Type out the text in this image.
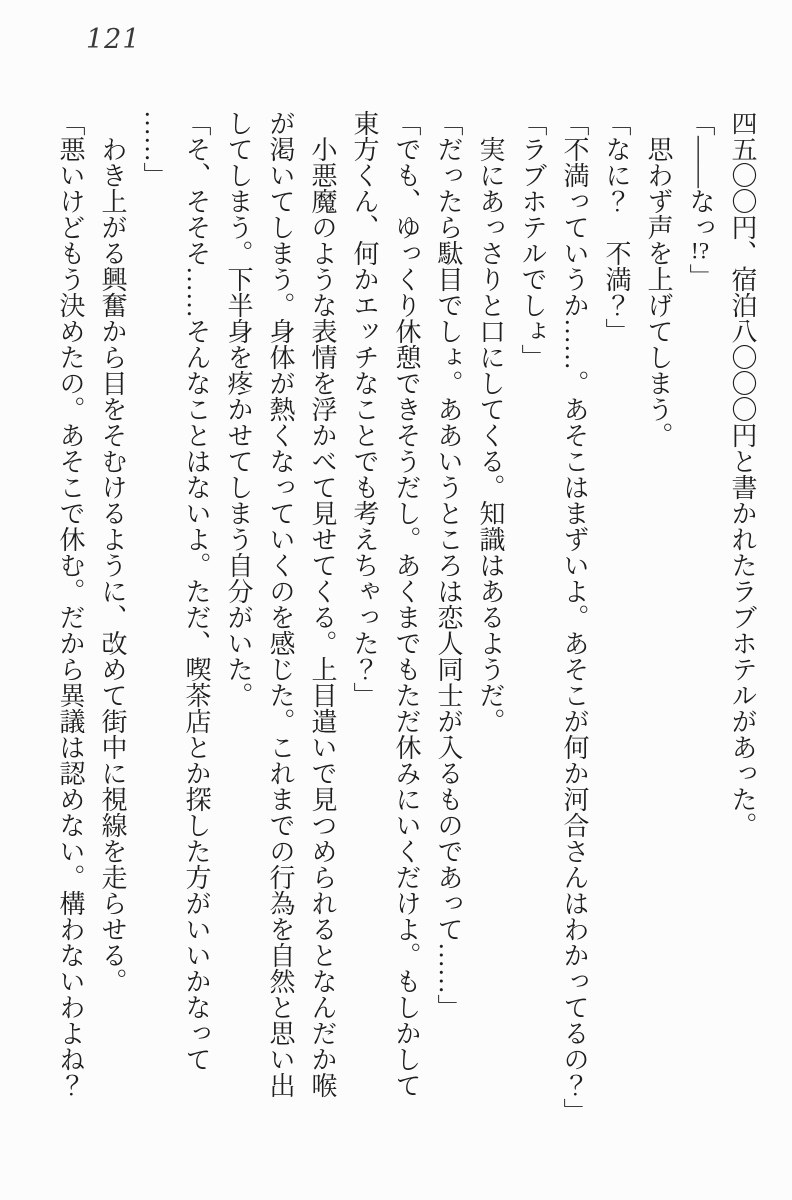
121
四五〇〇円、宿泊八〇〇〇円と書かれたラブホテルがあった。
「——なっ!?」
思わず声を上げてしまう。
「なに？　不満？」
「不満っていうか……。あそこはまずいよ。あそこが何か河合さんはわかってるの？」
「ラブホテルでしょ」
実にあっさりと口にしてくる。知識はあるようだ。
「だったら駄目でしょ。ああいうところは恋人同士が入るものであって……」
「でも、ゆっくり休憩できそうだし。あくまでもただ休みにいくだけよ。もしかして
東方くん、何かエッチなことでも考えちゃった？」
小悪魔のような表情を浮かべて見せてくる。上目遣いで見つめられるとなんだか喉
が渇いてしまう。身体が熱くなっていくのを感じた。これまでの行為を自然と思い出
してしまう。下半身を疼かせてしまう自分がいた。
「そ、そそそ……そんなことはないよ。ただ、喫茶店とか探した方がいいかなって
……」
わき上がる興奮から目をそむけるように、改めて街中に視線を走らせる。
「悪いけどもう決めたの。あそこで休む。だから異議は認めない。構わないわよね？
